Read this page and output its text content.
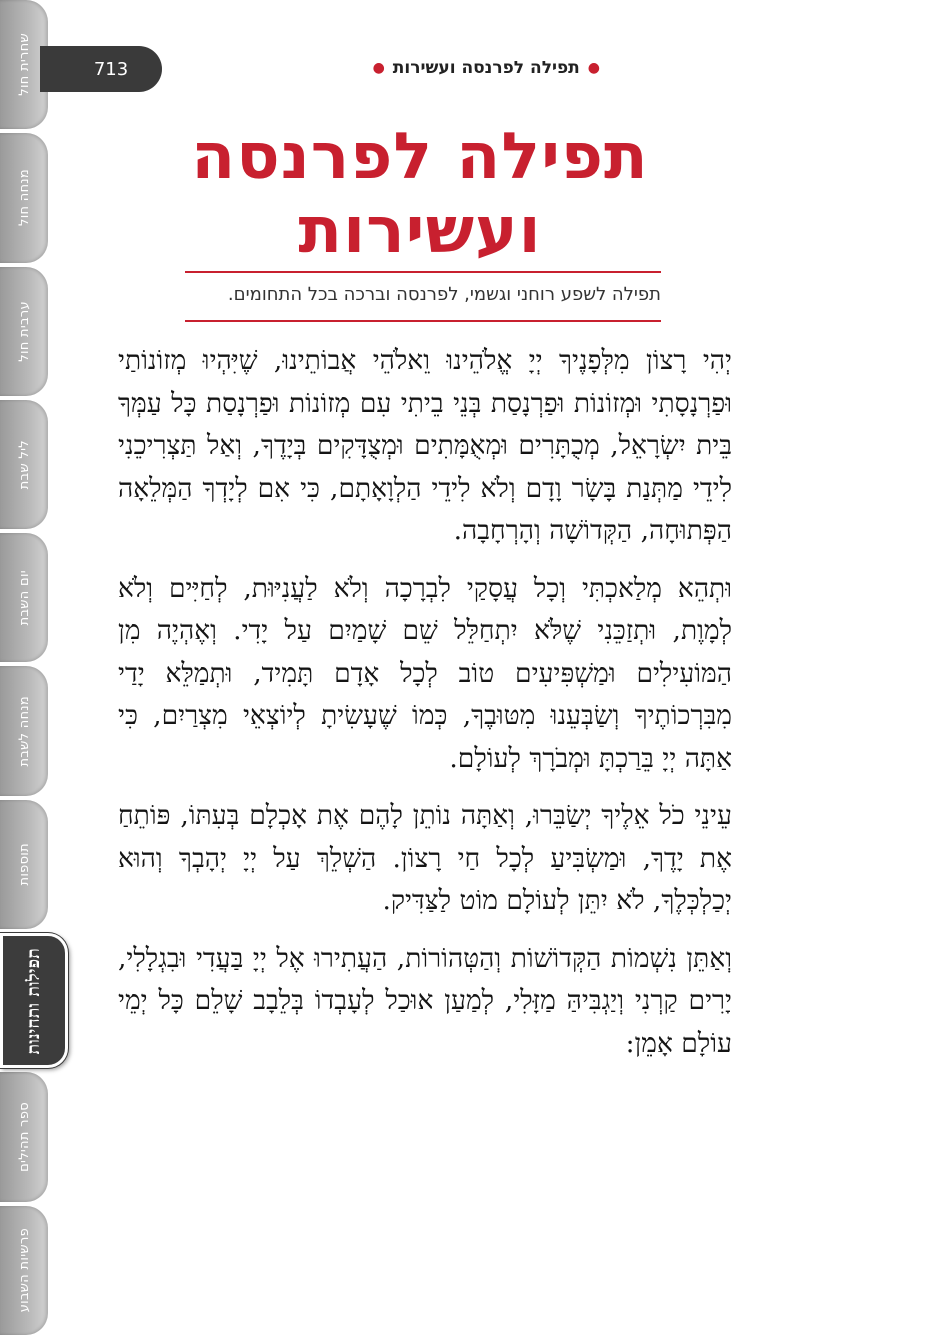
שחרית חול
מנחה חול
ערבית חול
ליל שבת
יום השבת
מנחה לשבת
תוספות
תפילות ותחינות
ספר תהילים
פרשיות השבוע
713	●
תפילה לפרנסה ועשירות
●
תפילה לפרנסה ועשירות
תפילה לשפע רוחני וגשמי, לפרנסה וברכה בכל התחומים.

יְהִי רָצוֹן מִלְּפָנֶיךָ יְיָ אֱלֹהֵינוּ וֵאלֹהֵי אֲבוֹתֵינוּ, שֶׁיִּהְיוּ מְזוֹנוֹתַי וּפַרְנָסָתִי וּמְזוֹנוֹת וּפַרְנָסַת בְּנֵי בֵיתִי עִם מְזוֹנוֹת וּפַרְנָסַת כָּל עַמְּךָ בֵּית יִשְׂרָאֵל, מְכֻתָּרִים וּמְאֻמָּתִים וּמְצֻדָּקִים בְּיָדֶךָ, וְאַל תַּצְרִיכֵנִי לִידֵי מַתְּנַת בָּשָׂר וָדָם וְלֹא לִידֵי הַלְוָאָתָם, כִּי אִם לְיָדְךָ הַמְּלֵאָה הַפְּתוּחָה, הַקְּדוֹשָׁה וְהָרְחָבָה.

וּתְהֵא מְלַאכְתִּי וְכָל עֲסָקַי לִבְרָכָה וְלֹא לַעֲנִיּוּת, לְחַיִּים וְלֹא לְמָוֶת, וּתְזַכֵּנִי שֶׁלֹּא יִתְחַלֵּל שֵׁם שָׁמַיִם עַל יָדִי. וְאֶהְיֶה מִן הַמּוֹעִילִים וּמַשְׁפִּיעִים טוֹב לְכָל אָדָם תָּמִיד, וּתְמַלֵּא יָדַי מִבִּרְכוֹתֶיךָ וְשַׂבְּעֵנוּ מִטּוּבֶךָ, כְּמוֹ שֶׁעָשִׂיתָ לְיוֹצְאֵי מִצְרַיִם, כִּי אַתָּה יְיָ בֵּרַכְתָּ וּמְבֹרָךְ לְעוֹלָם.

עֵינֵי כֹל אֵלֶיךָ יְשַׂבֵּרוּ, וְאַתָּה נוֹתֵן לָהֶם אֶת אָכְלָם בְּעִתּוֹ, פּוֹתֵחַ אֶת יָדֶךָ, וּמַשְׂבִּיעַ לְכָל חַי רָצוֹן. הַשְׁלֵךְ עַל יְיָ יְהָבְךָ וְהוּא יְכַלְכְּלֶךָ, לֹא יִתֵּן לְעוֹלָם מוֹט לַצַּדִּיק.

וְאַתֵּן נִשְׁמוֹת הַקְּדוֹשׁוֹת וְהַטְּהוֹרוֹת, הַעֲתִירוּ אֶל יְיָ בַּעֲדִי וּבִגְלָלִי, יָרִים קַרְנִי וְיַגְבִּיהַּ מַזָּלִי, לְמַעַן אוּכַל לְעָבְדוֹ בְּלֵבָב שָׁלֵם כָּל יְמֵי עוֹלָם אָמֵן:
